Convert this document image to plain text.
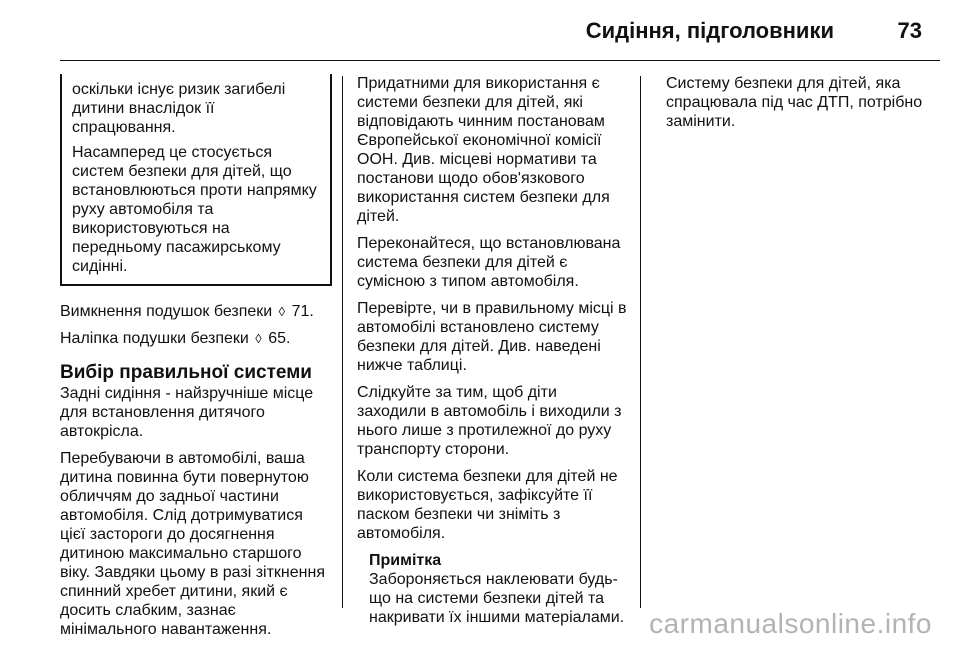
Сидіння, підголовники	73

оскільки існує ризик загибелі дитини внаслідок її спрацювання.

Насамперед це стосується систем безпеки для дітей, що встановлюються проти напрямку руху автомобіля та використовуються на передньому пасажирському сидінні.

Вимкнення подушок безпеки ◊ 71.

Наліпка подушки безпеки ◊ 65.

Вибір правильної системи

Задні сидіння - найзручніше місце для встановлення дитячого автокрісла.

Перебуваючи в автомобілі, ваша дитина повинна бути повернутою обличчям до задньої частини автомобіля. Слід дотримуватися цієї застороги до досягнення дитиною максимально старшого віку. Завдяки цьому в разі зіткнення спинний хребет дитини, який є досить слабким, зазнає мінімального навантаження.

Придатними для використання є системи безпеки для дітей, які відповідають чинним постановам Європейської економічної комісії ООН. Див. місцеві нормативи та постанови щодо обов'язкового використання систем безпеки для дітей.

Переконайтеся, що встановлювана система безпеки для дітей є сумісною з типом автомобіля.

Перевірте, чи в правильному місці в автомобілі встановлено систему безпеки для дітей. Див. наведені нижче таблиці.

Слідкуйте за тим, щоб діти заходили в автомобіль і виходили з нього лише з протилежної до руху транспорту сторони.

Коли система безпеки для дітей не використовується, зафіксуйте її паском безпеки чи зніміть з автомобіля.

Примітка
Забороняється наклеювати будь-що на системи безпеки дітей та накривати їх іншими матеріалами.

Систему безпеки для дітей, яка спрацювала під час ДТП, потрібно замінити.

carmanualsonline.info
